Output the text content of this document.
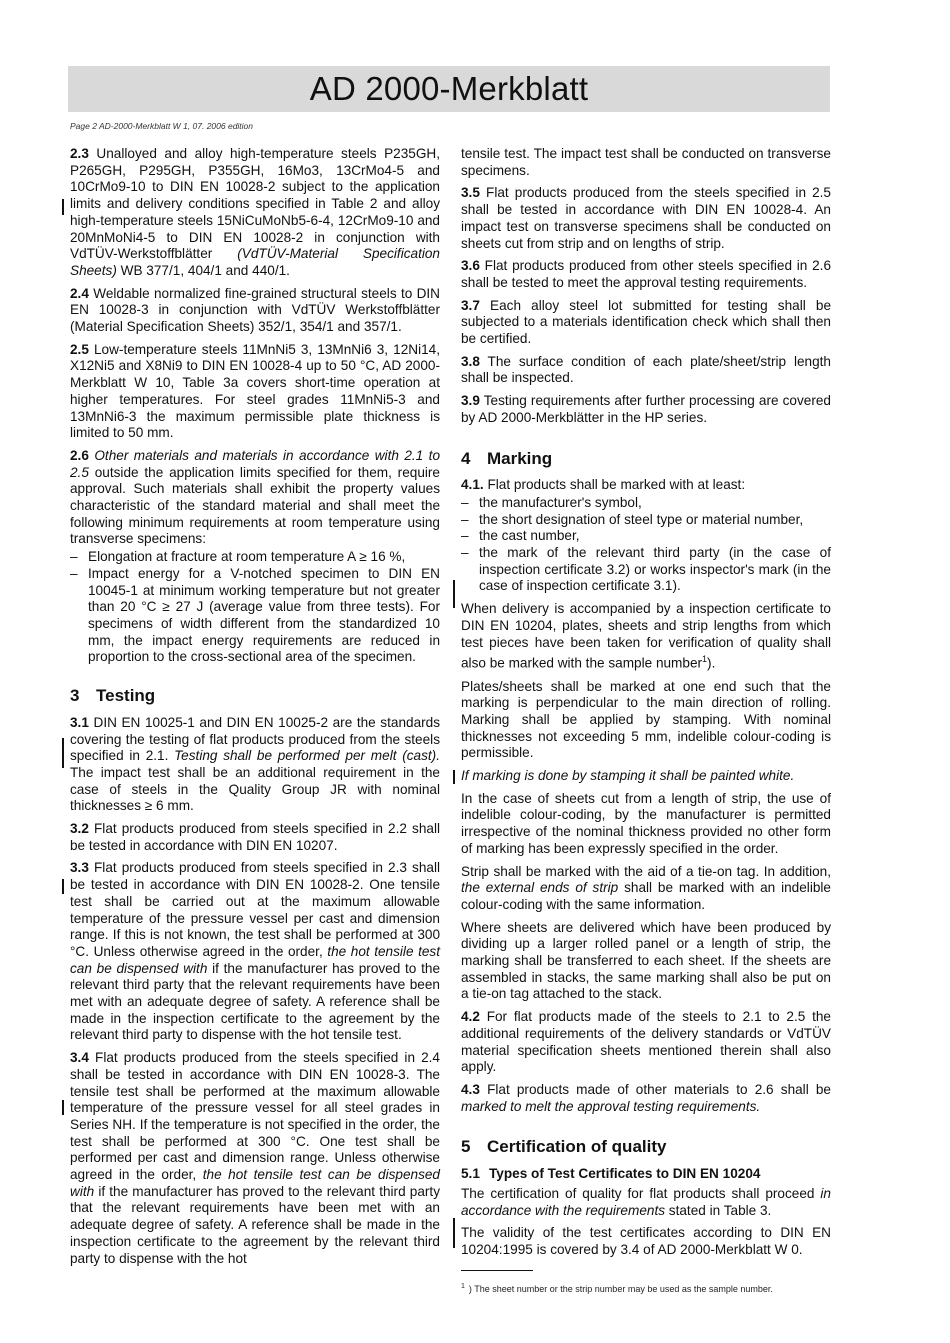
AD 2000-Merkblatt
Page 2 AD-2000-Merkblatt W 1, 07. 2006 edition

2.3 Unalloyed and alloy high-temperature steels P235GH, P265GH, P295GH, P355GH, 16Mo3, 13CrMo4-5 and 10CrMo9-10 to DIN EN 10028-2 subject to the application limits and delivery conditions specified in Table 2 and alloy high-temperature steels 15NiCuMoNb5-6-4, 12CrMo9-10 and 20MnMoNi4-5 to DIN EN 10028-2 in conjunction with VdTÜV-Werkstoffblätter (VdTÜV-Material Specification Sheets) WB 377/1, 404/1 and 440/1.

2.4 Weldable normalized fine-grained structural steels to DIN EN 10028-3 in conjunction with VdTÜV Werkstoffblätter (Material Specification Sheets) 352/1, 354/1 and 357/1.

2.5 Low-temperature steels 11MnNi5 3, 13MnNi6 3, 12Ni14, X12Ni5 and X8Ni9 to DIN EN 10028-4 up to 50 °C, AD 2000-Merkblatt W 10, Table 3a covers short-time operation at higher temperatures. For steel grades 11MnNi5-3 and 13MnNi6-3 the maximum permissible plate thickness is limited to 50 mm.

2.6 Other materials and materials in accordance with 2.1 to 2.5 outside the application limits specified for them, require approval. Such materials shall exhibit the property values characteristic of the standard material and shall meet the following minimum requirements at room temperature using transverse specimens:

– Elongation at fracture at room temperature A ≥ 16 %,
– Impact energy for a V-notched specimen to DIN EN 10045-1 at minimum working temperature but not greater than 20 °C ≥ 27 J (average value from three tests). For specimens of width different from the standardized 10 mm, the impact energy requirements are reduced in proportion to the cross-sectional area of the specimen.
3 Testing

3.1 DIN EN 10025-1 and DIN EN 10025-2 are the standards covering the testing of flat products produced from the steels specified in 2.1. Testing shall be performed per melt (cast). The impact test shall be an additional requirement in the case of steels in the Quality Group JR with nominal thicknesses ≥ 6 mm.

3.2 Flat products produced from steels specified in 2.2 shall be tested in accordance with DIN EN 10207.

3.3 Flat products produced from steels specified in 2.3 shall be tested in accordance with DIN EN 10028-2. One tensile test shall be carried out at the maximum allowable temperature of the pressure vessel per cast and dimension range. If this is not known, the test shall be performed at 300 °C. Unless otherwise agreed in the order, the hot tensile test can be dispensed with if the manufacturer has proved to the relevant third party that the relevant requirements have been met with an adequate degree of safety. A reference shall be made in the inspection certificate to the agreement by the relevant third party to dispense with the hot tensile test.

3.4 Flat products produced from the steels specified in 2.4 shall be tested in accordance with DIN EN 10028-3. The tensile test shall be performed at the maximum allowable temperature of the pressure vessel for all steel grades in Series NH. If the temperature is not specified in the order, the test shall be performed at 300 °C. One test shall be performed per cast and dimension range. Unless otherwise agreed in the order, the hot tensile test can be dispensed with if the manufacturer has proved to the relevant third party that the relevant requirements have been met with an adequate degree of safety. A reference shall be made in the inspection certificate to the agreement by the relevant third party to dispense with the hot

tensile test. The impact test shall be conducted on transverse specimens.

3.5 Flat products produced from the steels specified in 2.5 shall be tested in accordance with DIN EN 10028-4. An impact test on transverse specimens shall be conducted on sheets cut from strip and on lengths of strip.

3.6 Flat products produced from other steels specified in 2.6 shall be tested to meet the approval testing requirements.

3.7 Each alloy steel lot submitted for testing shall be subjected to a materials identification check which shall then be certified.

3.8 The surface condition of each plate/sheet/strip length shall be inspected.

3.9 Testing requirements after further processing are covered by AD 2000-Merkblätter in the HP series.

4 Marking

4.1. Flat products shall be marked with at least:

– the manufacturer's symbol,
– the short designation of steel type or material number,
– the cast number,
– the mark of the relevant third party (in the case of inspection certificate 3.2) or works inspector's mark (in the case of inspection certificate 3.1).

When delivery is accompanied by a inspection certificate to DIN EN 10204, plates, sheets and strip lengths from which test pieces have been taken for verification of quality shall also be marked with the sample number$^1$).

Plates/sheets shall be marked at one end such that the marking is perpendicular to the main direction of rolling. Marking shall be applied by stamping. With nominal thicknesses not exceeding 5 mm, indelible colour-coding is permissible.

If marking is done by stamping it shall be painted white.

In the case of sheets cut from a length of strip, the use of indelible colour-coding, by the manufacturer is permitted irrespective of the nominal thickness provided no other form of marking has been expressly specified in the order.

Strip shall be marked with the aid of a tie-on tag. In addition, the external ends of strip shall be marked with an indelible colour-coding with the same information.

Where sheets are delivered which have been produced by dividing up a larger rolled panel or a length of strip, the marking shall be transferred to each sheet. If the sheets are assembled in stacks, the same marking shall also be put on a tie-on tag attached to the stack.

4.2 For flat products made of the steels to 2.1 to 2.5 the additional requirements of the delivery standards or VdTÜV material specification sheets mentioned therein shall also apply.

4.3 Flat products made of other materials to 2.6 shall be marked to melt the approval testing requirements.

5 Certification of quality
5.1 Types of Test Certificates to DIN EN 10204

The certification of quality for flat products shall proceed in accordance with the requirements stated in Table 3.

The validity of the test certificates according to DIN EN 10204:1995 is covered by 3.4 of AD 2000-Merkblatt W 0.

$^1$ ) The sheet number or the strip number may be used as the sample number.
